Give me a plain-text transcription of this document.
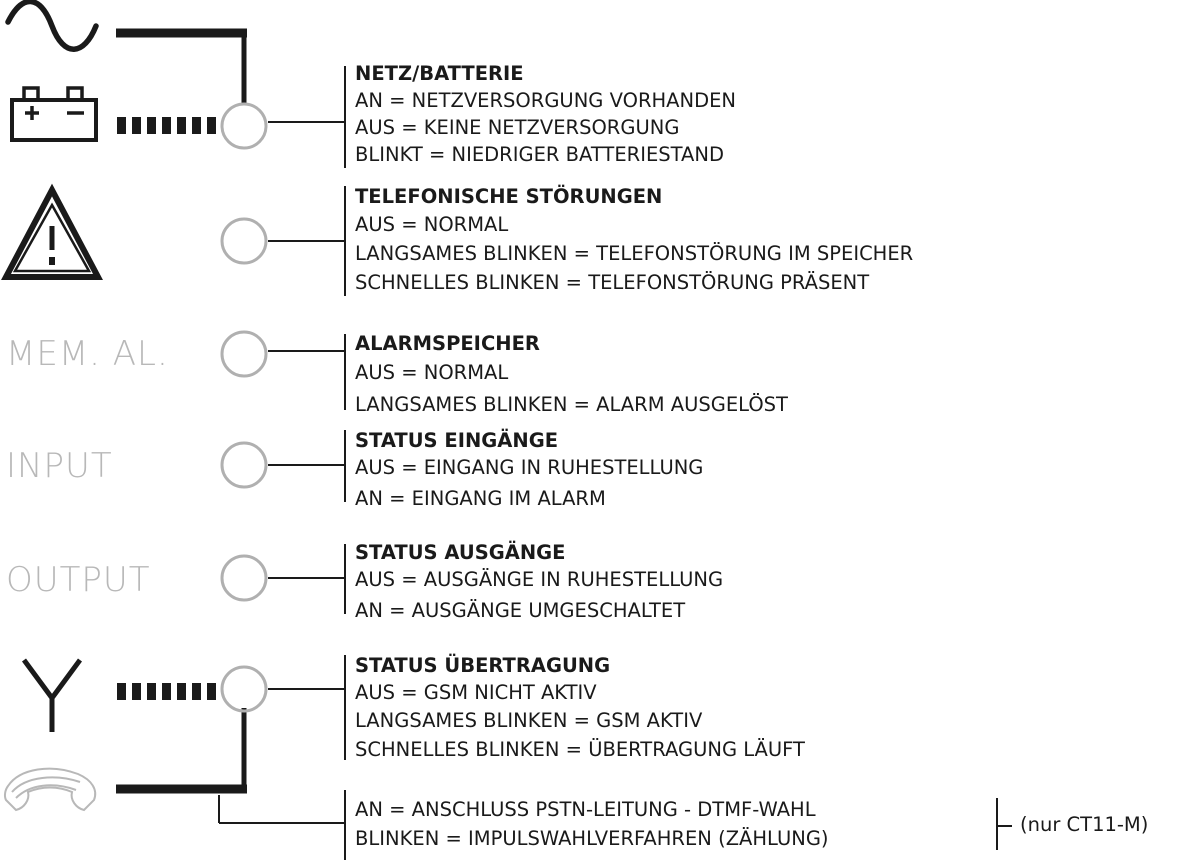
MEM. AL.
INPUT
OUTPUT
NETZ/BATTERIE
AN = NETZVERSORGUNG VORHANDEN
AUS = KEINE NETZVERSORGUNG
BLINKT = NIEDRIGER BATTERIESTAND
TELEFONISCHE STÖRUNGEN
AUS = NORMAL
LANGSAMES BLINKEN = TELEFONSTÖRUNG IM SPEICHER
SCHNELLES BLINKEN = TELEFONSTÖRUNG PRÄSENT
ALARMSPEICHER
AUS = NORMAL
LANGSAMES BLINKEN = ALARM AUSGELÖST
STATUS EINGÄNGE
AUS = EINGANG IN RUHESTELLUNG
AN = EINGANG IM ALARM
STATUS AUSGÄNGE
AUS = AUSGÄNGE IN RUHESTELLUNG
AN = AUSGÄNGE UMGESCHALTET
STATUS ÜBERTRAGUNG
AUS = GSM NICHT AKTIV
LANGSAMES BLINKEN = GSM AKTIV
SCHNELLES BLINKEN = ÜBERTRAGUNG LÄUFT
AN = ANSCHLUSS PSTN-LEITUNG - DTMF-WAHL
BLINKEN = IMPULSWAHLVERFAHREN (ZÄHLUNG)
(nur CT11-M)
